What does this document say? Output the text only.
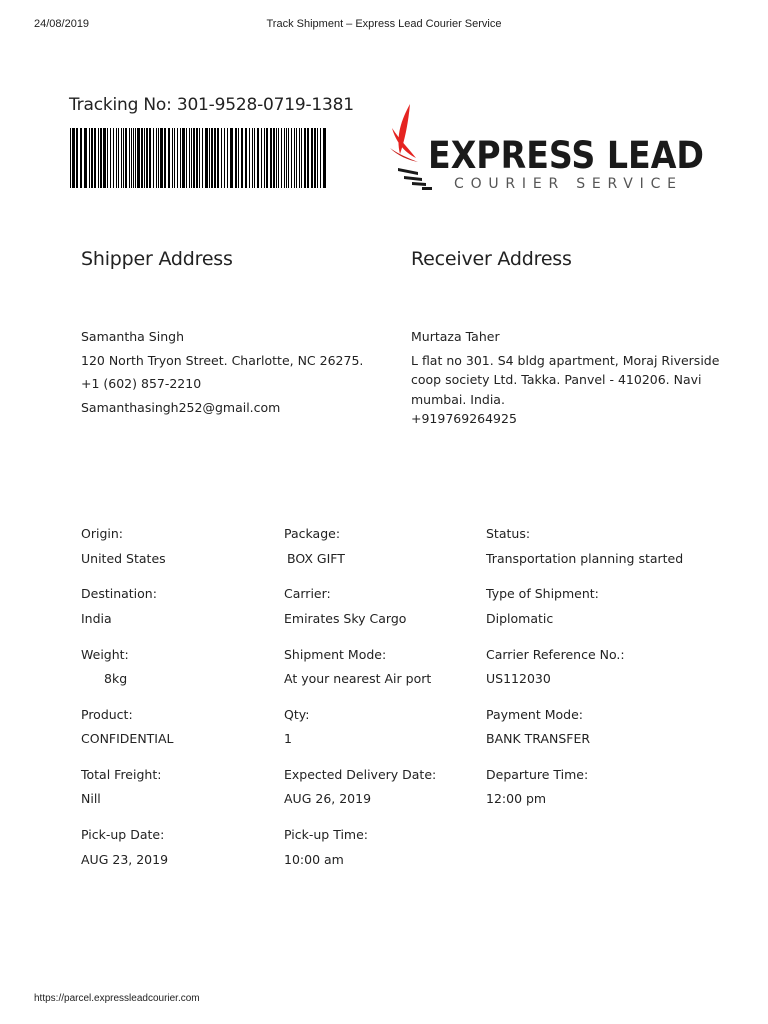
24/08/2019	Track Shipment – Express Lead Courier Service
https://parcel.expressleadcourier.com
Tracking No: 301-9528-0719-1381
EXPRESS LEAD
COURIER SERVICE
Shipper Address
Samantha Singh
120 North Tryon Street. Charlotte, NC 26275.
+1 (602) 857-2210
Samanthasingh252@gmail.com
Receiver Address
Murtaza Taher
L flat no 301. S4 bldg apartment, Moraj Riverside
coop society Ltd. Takka. Panvel - 410206. Navi
mumbai. India.
+919769264925
Origin:
United States
Package:
BOX GIFT
Status:
Transportation planning started
Destination:
India
Carrier:
Emirates Sky Cargo
Type of Shipment:
Diplomatic
Weight:
8kg
Shipment Mode:
At your nearest Air port
Carrier Reference No.:
US112030
Product:
CONFIDENTIAL
Qty:
1
Payment Mode:
BANK TRANSFER
Total Freight:
Nill
Expected Delivery Date:
AUG 26, 2019
Departure Time:
12:00 pm
Pick-up Date:
AUG 23, 2019
Pick-up Time:
10:00 am
